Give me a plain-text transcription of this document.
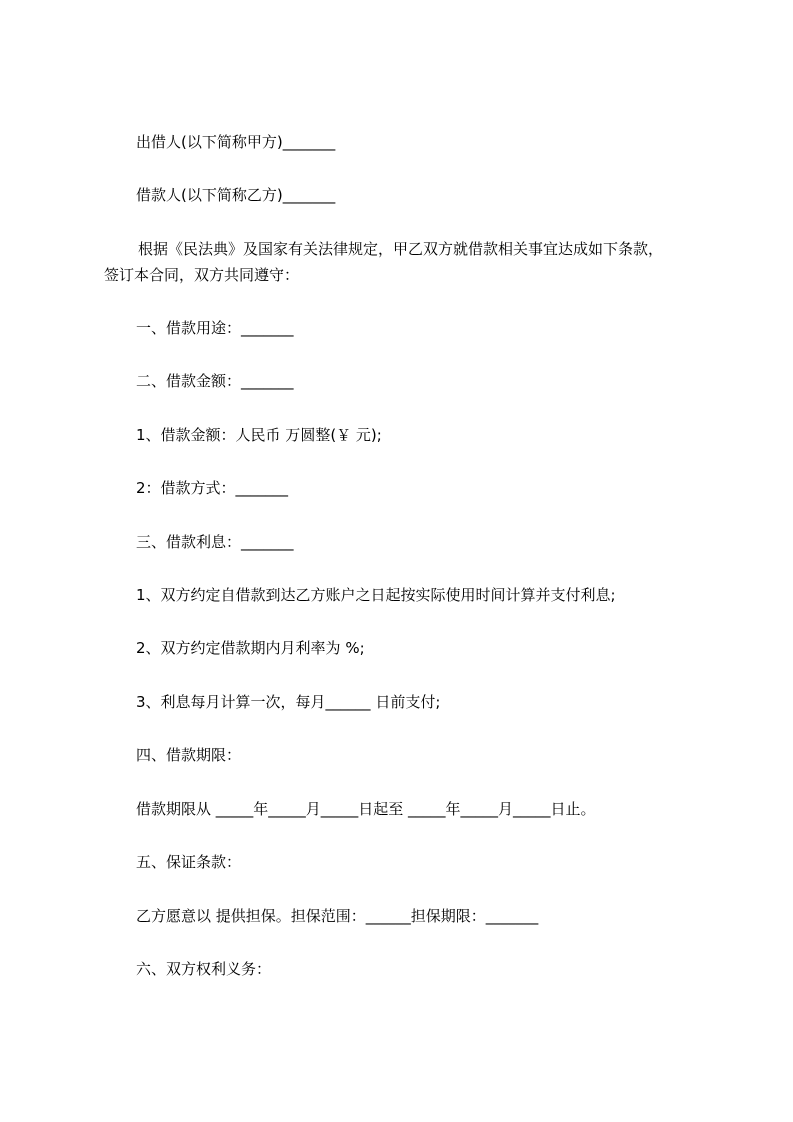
出借人(以下简称甲方)_______
借款人(以下简称乙方)_______
根据《民法典》及国家有关法律规定，甲乙双方就借款相关事宜达成如下条款，
签订本合同，双方共同遵守：
一、借款用途：_______
二、借款金额：_______
1、借款金额：人民币 万圆整(￥ 元);
2：借款方式：_______
三、借款利息：_______
1、双方约定自借款到达乙方账户之日起按实际使用时间计算并支付利息;
2、双方约定借款期内月利率为 %;
3、利息每月计算一次，每月______ 日前支付;
四、借款期限：
借款期限从 _____年_____月_____日起至 _____年_____月_____日止。
五、保证条款：
乙方愿意以 提供担保。担保范围：______担保期限：_______
六、双方权利义务：
